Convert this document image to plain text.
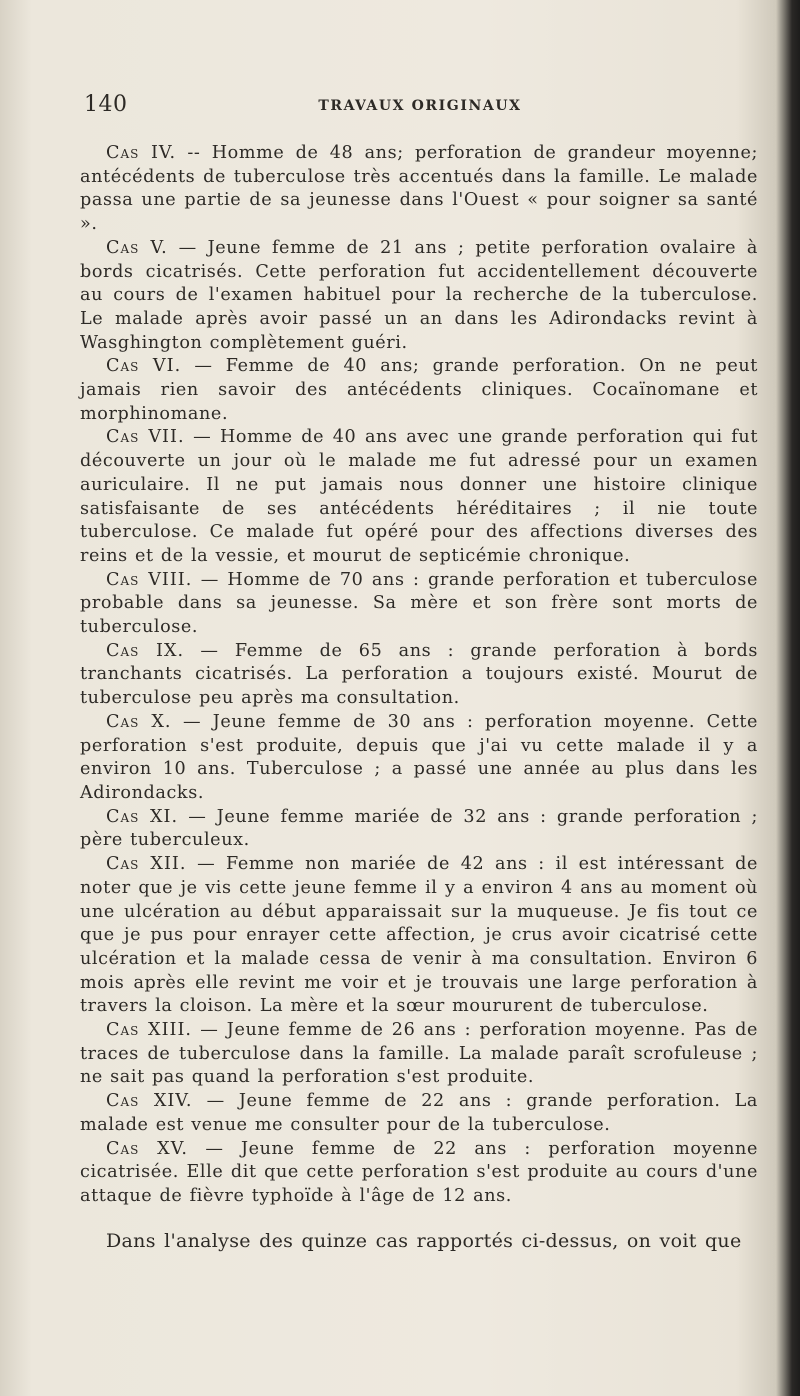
140	TRAVAUX ORIGINAUX

Cas IV. -- Homme de 48 ans; perforation de grandeur moyenne; antécédents de tuberculose très accentués dans la famille. Le malade passa une partie de sa jeunesse dans l'Ouest « pour soigner sa santé ».

Cas V. — Jeune femme de 21 ans ; petite perforation ovalaire à bords cicatrisés. Cette perforation fut accidentellement découverte au cours de l'examen habituel pour la recherche de la tuberculose. Le malade après avoir passé un an dans les Adirondacks revint à Wasghington complètement guéri.

Cas VI. — Femme de 40 ans; grande perforation. On ne peut jamais rien savoir des antécédents cliniques. Cocaïnomane et morphinomane.

Cas VII. — Homme de 40 ans avec une grande perforation qui fut découverte un jour où le malade me fut adressé pour un examen auriculaire. Il ne put jamais nous donner une histoire clinique satisfaisante de ses antécédents héréditaires ; il nie toute tuberculose. Ce malade fut opéré pour des affections diverses des reins et de la vessie, et mourut de septicémie chronique.

Cas VIII. — Homme de 70 ans : grande perforation et tuberculose probable dans sa jeunesse. Sa mère et son frère sont morts de tuberculose.

Cas IX. — Femme de 65 ans : grande perforation à bords tranchants cicatrisés. La perforation a toujours existé. Mourut de tuberculose peu après ma consultation.

Cas X. — Jeune femme de 30 ans : perforation moyenne. Cette perforation s'est produite, depuis que j'ai vu cette malade il y a environ 10 ans. Tuberculose ; a passé une année au plus dans les Adirondacks.

Cas XI. — Jeune femme mariée de 32 ans : grande perforation ; père tuberculeux.

Cas XII. — Femme non mariée de 42 ans : il est intéressant de noter que je vis cette jeune femme il y a environ 4 ans au moment où une ulcération au début apparaissait sur la muqueuse. Je fis tout ce que je pus pour enrayer cette affection, je crus avoir cicatrisé cette ulcération et la malade cessa de venir à ma consultation. Environ 6 mois après elle revint me voir et je trouvais une large perforation à travers la cloison. La mère et la sœur moururent de tuberculose.

Cas XIII. — Jeune femme de 26 ans : perforation moyenne. Pas de traces de tuberculose dans la famille. La malade paraît scrofuleuse ; ne sait pas quand la perforation s'est produite.

Cas XIV. — Jeune femme de 22 ans : grande perforation. La malade est venue me consulter pour de la tuberculose.

Cas XV. — Jeune femme de 22 ans : perforation moyenne cicatrisée. Elle dit que cette perforation s'est produite au cours d'une attaque de fièvre typhoïde à l'âge de 12 ans.

Dans l'analyse des quinze cas rapportés ci-dessus, on voit que
